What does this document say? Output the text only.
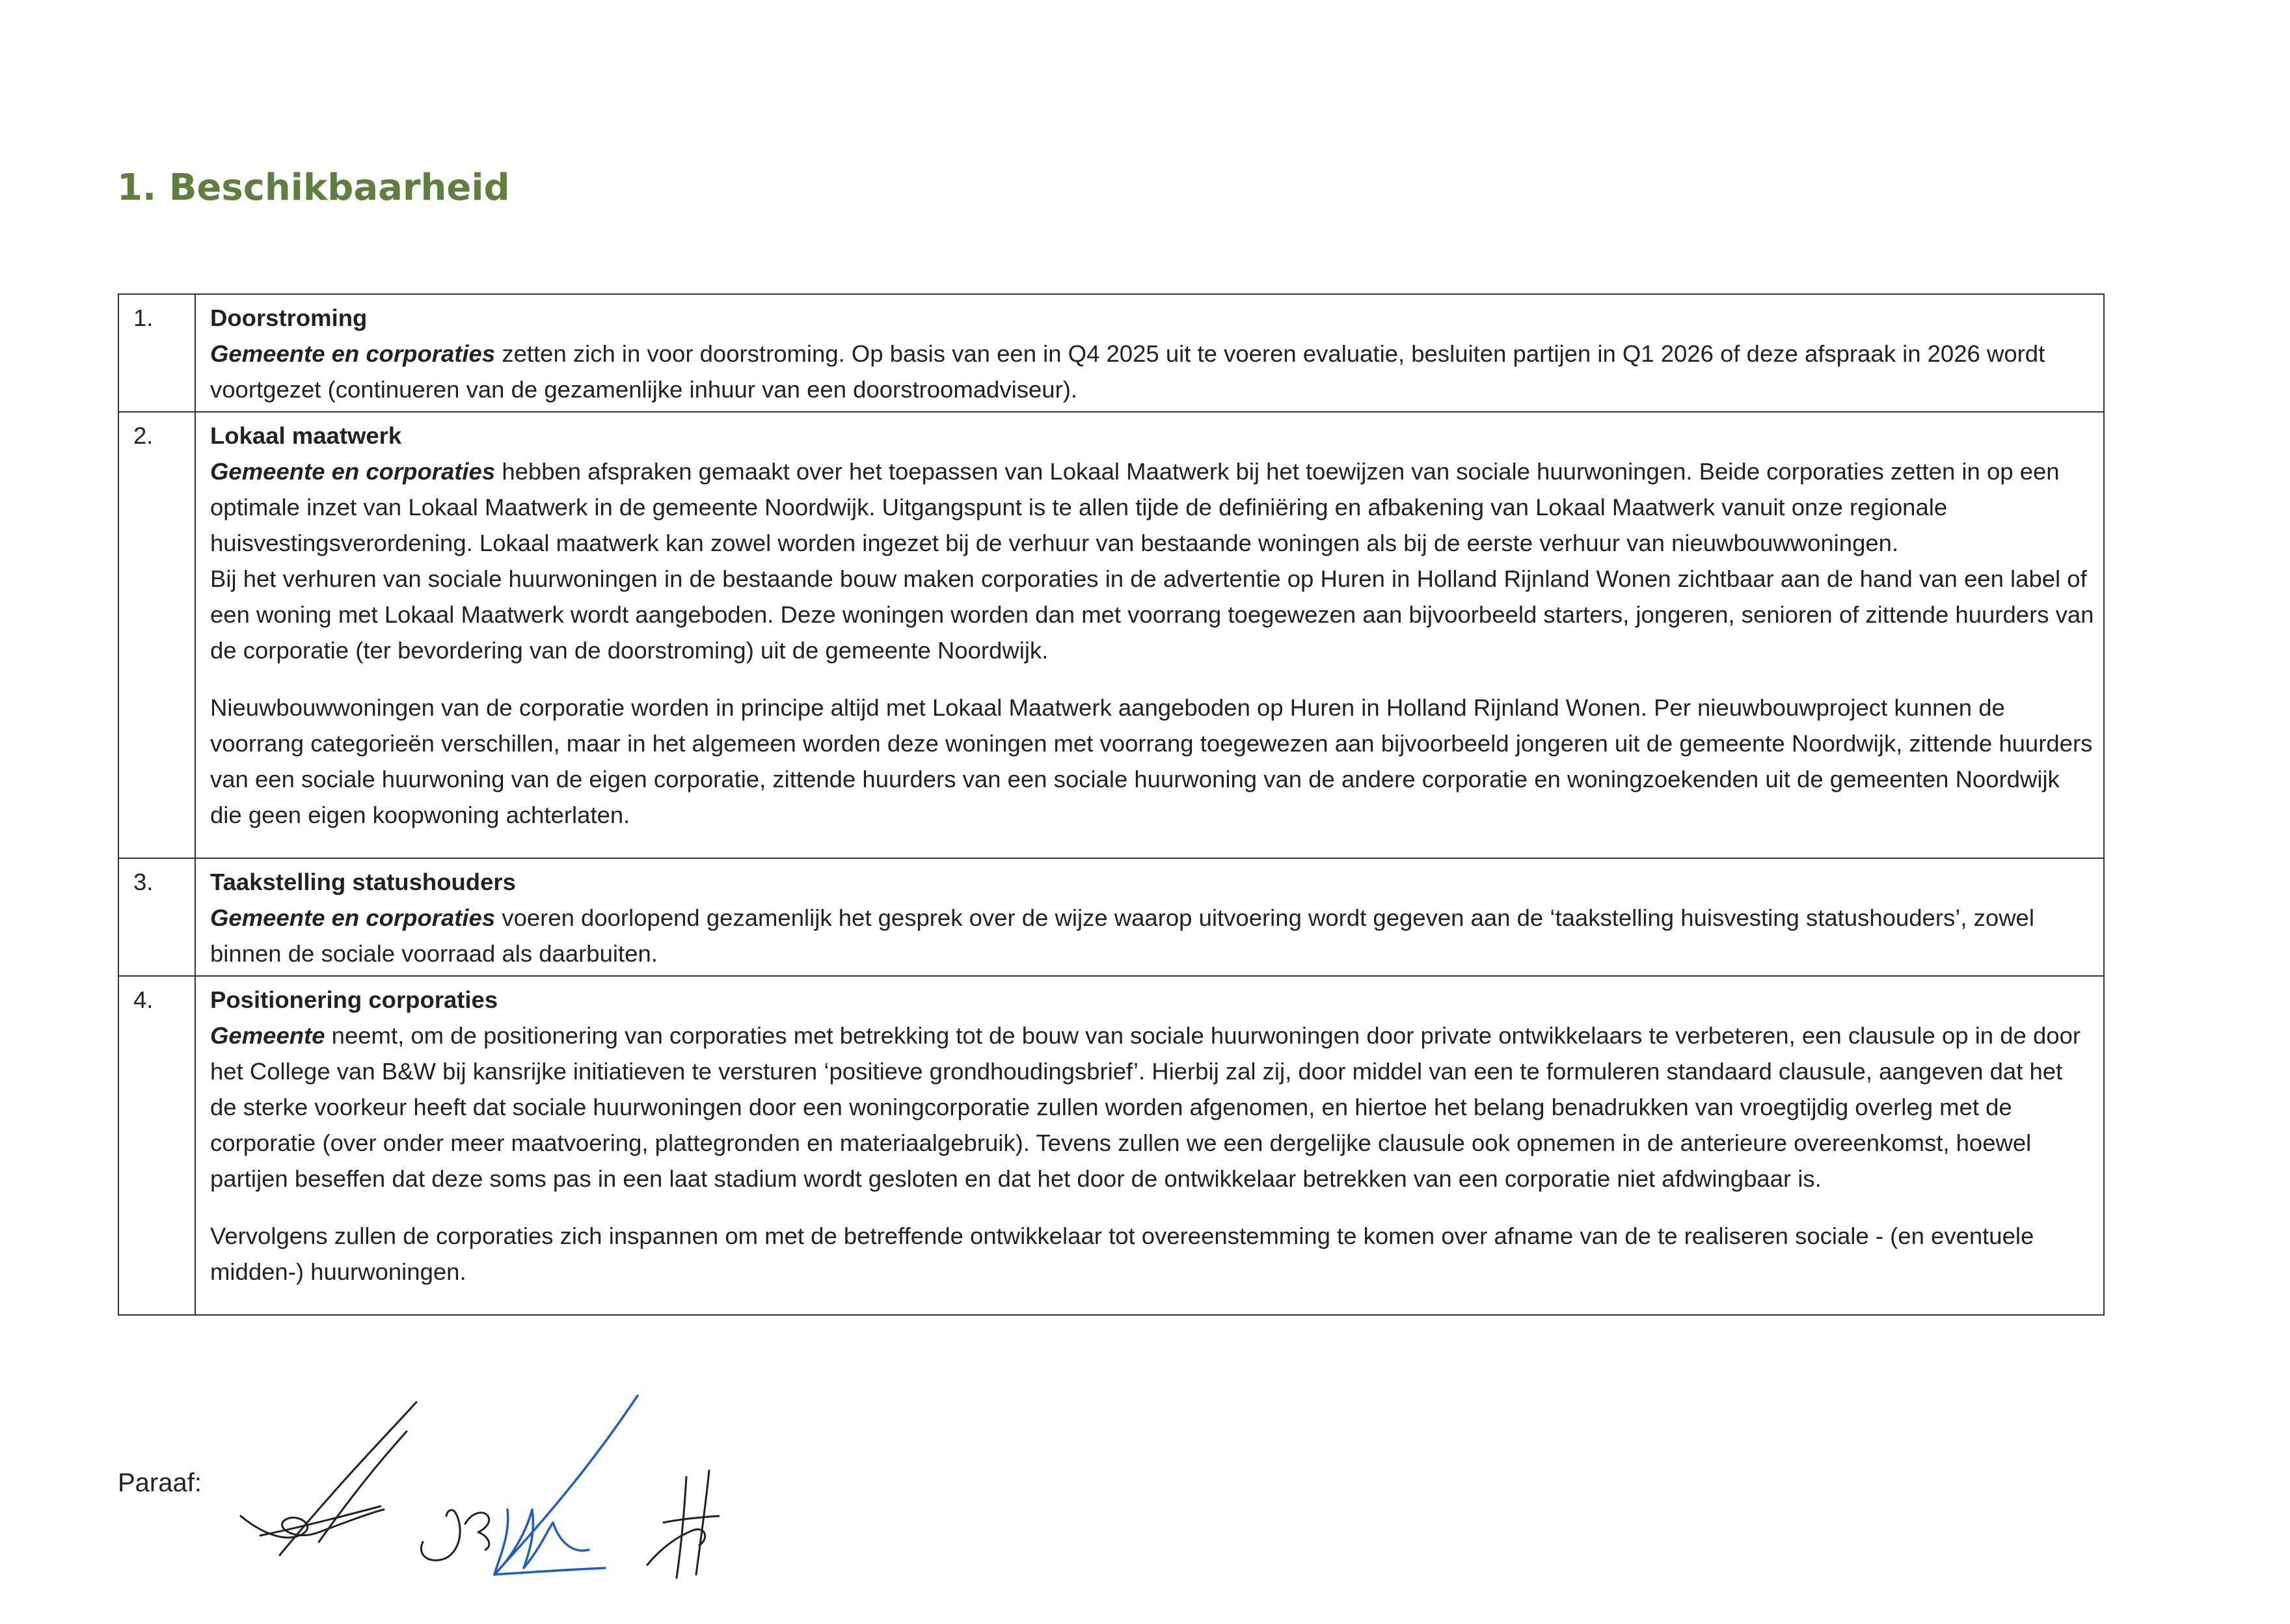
1. Beschikbaarheid
1.	Doorstroming
Gemeente en corporaties zetten zich in voor doorstroming. Op basis van een in Q4 2025 uit te voeren evaluatie, besluiten partijen in Q1 2026 of deze afspraak in 2026 wordt voortgezet (continueren van de gezamenlijke inhuur van een doorstroomadviseur).

2.	Lokaal maatwerk
Gemeente en corporaties hebben afspraken gemaakt over het toepassen van Lokaal Maatwerk bij het toewijzen van sociale huurwoningen. Beide corporaties zetten in op een optimale inzet van Lokaal Maatwerk in de gemeente Noordwijk. Uitgangspunt is te allen tijde de definiëring en afbakening van Lokaal Maatwerk vanuit onze regionale huisvestingsverordening. Lokaal maatwerk kan zowel worden ingezet bij de verhuur van bestaande woningen als bij de eerste verhuur van nieuwbouwwoningen.
Bij het verhuren van sociale huurwoningen in de bestaande bouw maken corporaties in de advertentie op Huren in Holland Rijnland Wonen zichtbaar aan de hand van een label of een woning met Lokaal Maatwerk wordt aangeboden. Deze woningen worden dan met voorrang toegewezen aan bijvoorbeeld starters, jongeren, senioren of zittende huurders van de corporatie (ter bevordering van de doorstroming) uit de gemeente Noordwijk.
Nieuwbouwwoningen van de corporatie worden in principe altijd met Lokaal Maatwerk aangeboden op Huren in Holland Rijnland Wonen. Per nieuwbouwproject kunnen de voorrang categorieën verschillen, maar in het algemeen worden deze woningen met voorrang toegewezen aan bijvoorbeeld jongeren uit de gemeente Noordwijk, zittende huurders van een sociale huurwoning van de eigen corporatie, zittende huurders van een sociale huurwoning van de andere corporatie en woningzoekenden uit de gemeenten Noordwijk die geen eigen koopwoning achterlaten.

3.	Taakstelling statushouders
Gemeente en corporaties voeren doorlopend gezamenlijk het gesprek over de wijze waarop uitvoering wordt gegeven aan de ‘taakstelling huisvesting statushouders’, zowel binnen de sociale voorraad als daarbuiten.

4.	Positionering corporaties
Gemeente neemt, om de positionering van corporaties met betrekking tot de bouw van sociale huurwoningen door private ontwikkelaars te verbeteren, een clausule op in de door het College van B&W bij kansrijke initiatieven te versturen ‘positieve grondhoudingsbrief’. Hierbij zal zij, door middel van een te formuleren standaard clausule, aangeven dat het de sterke voorkeur heeft dat sociale huurwoningen door een woningcorporatie zullen worden afgenomen, en hiertoe het belang benadrukken van vroegtijdig overleg met de corporatie (over onder meer maatvoering, plattegronden en materiaalgebruik). Tevens zullen we een dergelijke clausule ook opnemen in de anterieure overeenkomst, hoewel partijen beseffen dat deze soms pas in een laat stadium wordt gesloten en dat het door de ontwikkelaar betrekken van een corporatie niet afdwingbaar is.
Vervolgens zullen de corporaties zich inspannen om met de betreffende ontwikkelaar tot overeenstemming te komen over afname van de te realiseren sociale - (en eventuele midden-) huurwoningen.
Paraaf:
